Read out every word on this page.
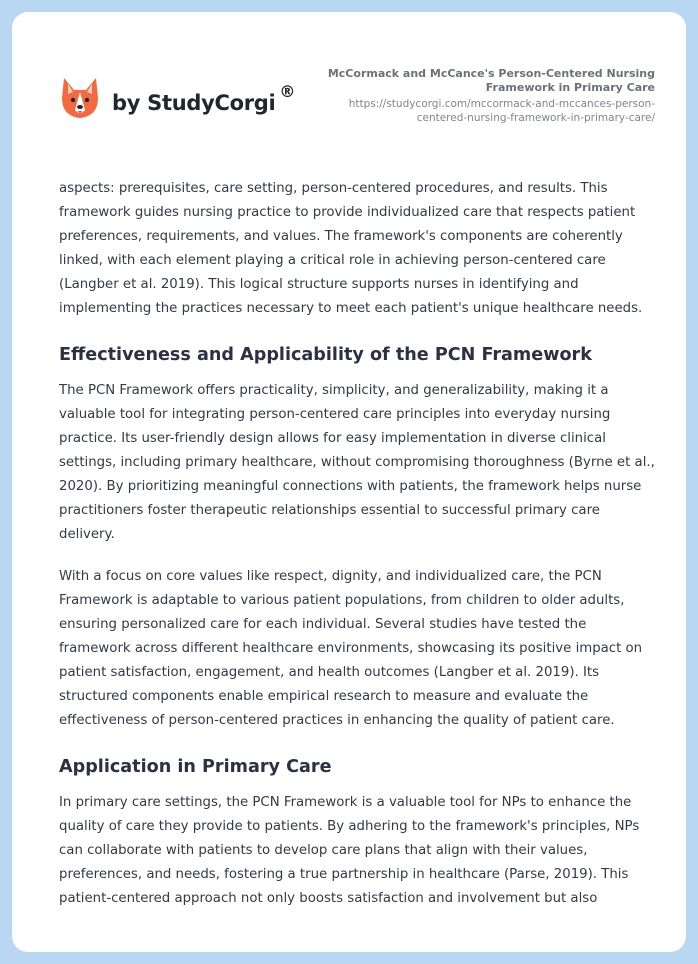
by StudyCorgi ®
McCormack and McCance's Person-Centered Nursing Framework in Primary Care
https://studycorgi.com/mccormack-and-mccances-person-centered-nursing-framework-in-primary-care/

aspects: prerequisites, care setting, person-centered procedures, and results. This framework guides nursing practice to provide individualized care that respects patient preferences, requirements, and values. The framework's components are coherently linked, with each element playing a critical role in achieving person-centered care (Langber et al. 2019). This logical structure supports nurses in identifying and implementing the practices necessary to meet each patient's unique healthcare needs.

Effectiveness and Applicability of the PCN Framework

The PCN Framework offers practicality, simplicity, and generalizability, making it a valuable tool for integrating person-centered care principles into everyday nursing practice. Its user-friendly design allows for easy implementation in diverse clinical settings, including primary healthcare, without compromising thoroughness (Byrne et al., 2020). By prioritizing meaningful connections with patients, the framework helps nurse practitioners foster therapeutic relationships essential to successful primary care delivery.

With a focus on core values like respect, dignity, and individualized care, the PCN Framework is adaptable to various patient populations, from children to older adults, ensuring personalized care for each individual. Several studies have tested the framework across different healthcare environments, showcasing its positive impact on patient satisfaction, engagement, and health outcomes (Langber et al. 2019). Its structured components enable empirical research to measure and evaluate the effectiveness of person-centered practices in enhancing the quality of patient care.

Application in Primary Care

In primary care settings, the PCN Framework is a valuable tool for NPs to enhance the quality of care they provide to patients. By adhering to the framework's principles, NPs can collaborate with patients to develop care plans that align with their values, preferences, and needs, fostering a true partnership in healthcare (Parse, 2019). This patient-centered approach not only boosts satisfaction and involvement but also
